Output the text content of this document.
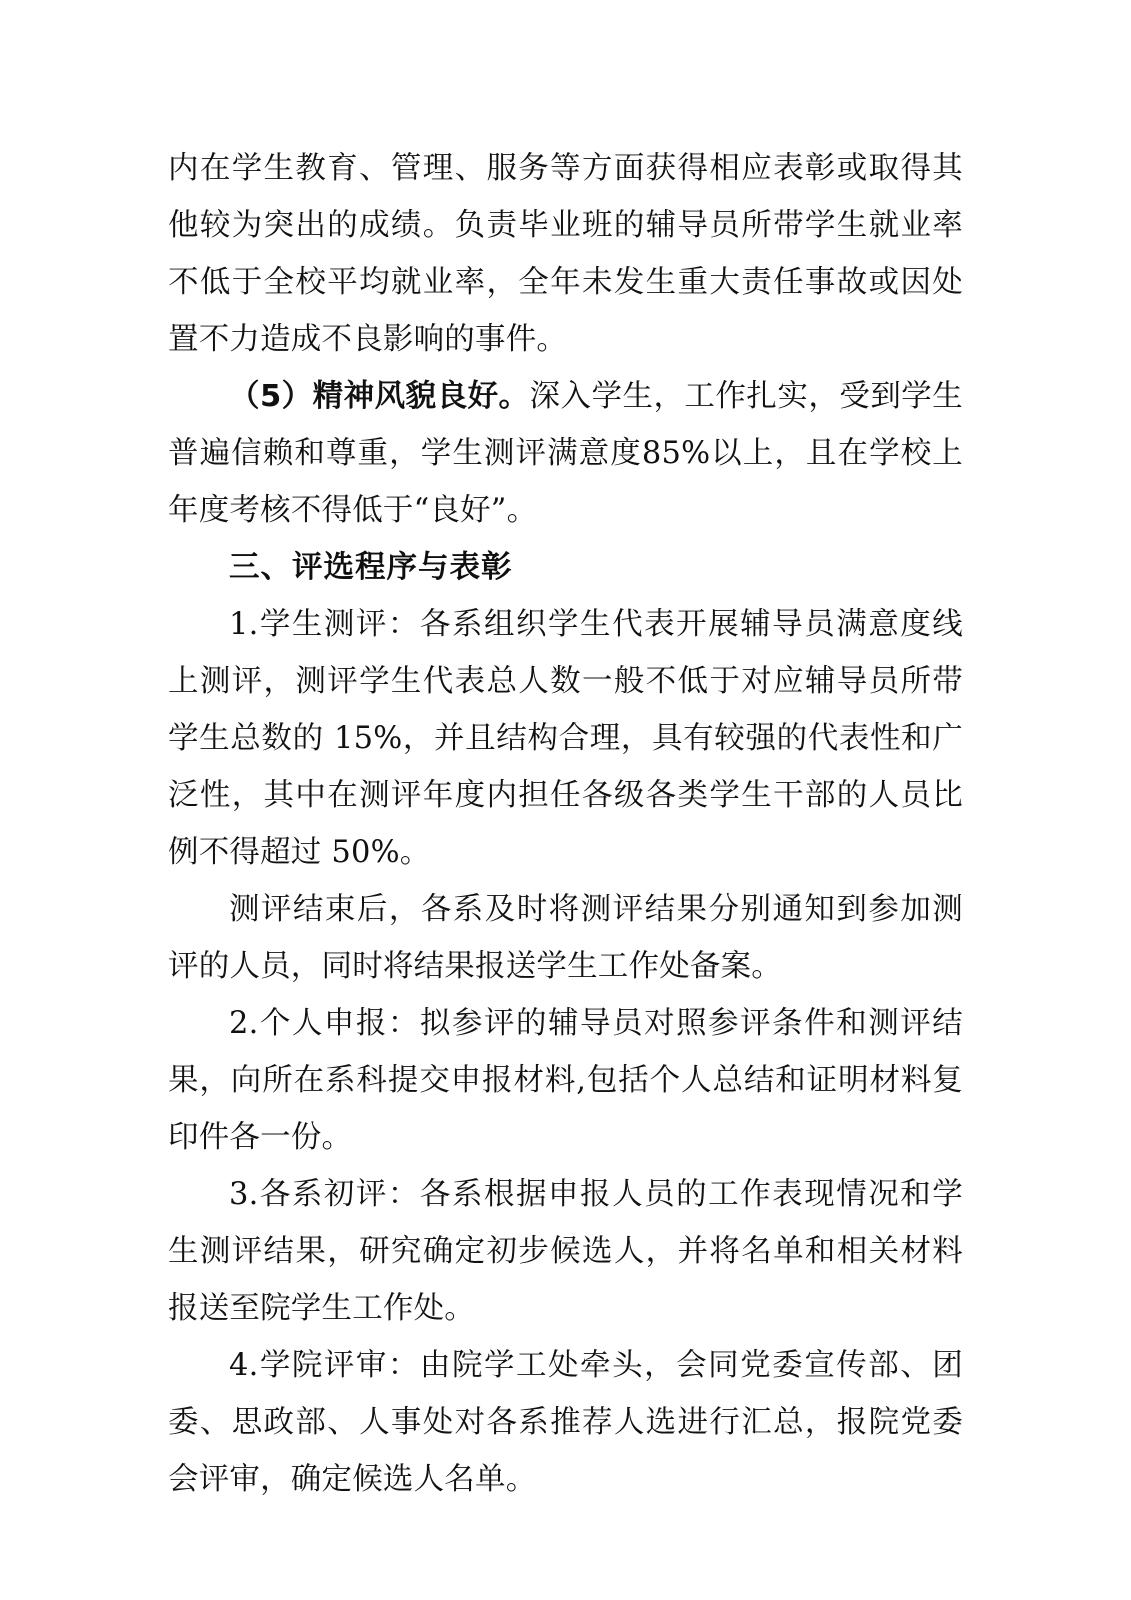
内在学生教育、管理、服务等方面获得相应表彰或取得其他较为突出的成绩。负责毕业班的辅导员所带学生就业率不低于全校平均就业率，全年未发生重大责任事故或因处置不力造成不良影响的事件。

（5）精神风貌良好。深入学生，工作扎实，受到学生普遍信赖和尊重，学生测评满意度85%以上，且在学校上年度考核不得低于“良好”。

三、评选程序与表彰

1.学生测评：各系组织学生代表开展辅导员满意度线上测评，测评学生代表总人数一般不低于对应辅导员所带学生总数的 15%，并且结构合理，具有较强的代表性和广泛性，其中在测评年度内担任各级各类学生干部的人员比例不得超过 50%。

测评结束后，各系及时将测评结果分别通知到参加测评的人员，同时将结果报送学生工作处备案。

2.个人申报：拟参评的辅导员对照参评条件和测评结果，向所在系科提交申报材料,包括个人总结和证明材料复印件各一份。

3.各系初评：各系根据申报人员的工作表现情况和学生测评结果，研究确定初步候选人，并将名单和相关材料报送至院学生工作处。

4.学院评审：由院学工处牵头，会同党委宣传部、团委、思政部、人事处对各系推荐人选进行汇总，报院党委会评审，确定候选人名单。
